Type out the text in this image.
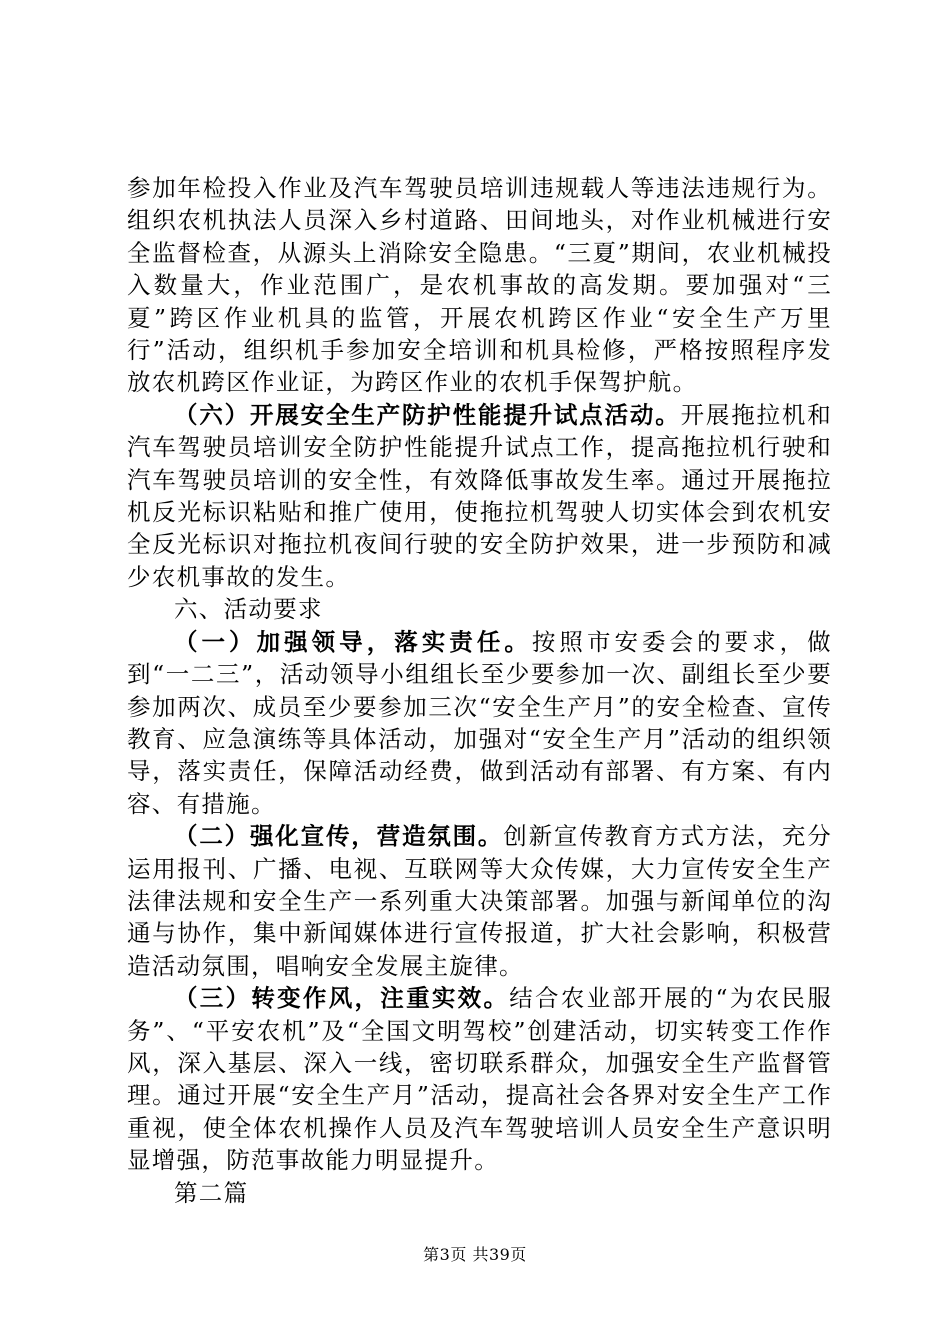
参加年检投入作业及汽车驾驶员培训违规载人等违法违规行为。组织农机执法人员深入乡村道路、田间地头，对作业机械进行安全监督检查，从源头上消除安全隐患。“三夏”期间，农业机械投入数量大，作业范围广，是农机事故的高发期。要加强对“三夏”跨区作业机具的监管，开展农机跨区作业“安全生产万里行”活动，组织机手参加安全培训和机具检修，严格按照程序发放农机跨区作业证，为跨区作业的农机手保驾护航。

（六）开展安全生产防护性能提升试点活动。开展拖拉机和汽车驾驶员培训安全防护性能提升试点工作，提高拖拉机行驶和汽车驾驶员培训的安全性，有效降低事故发生率。通过开展拖拉机反光标识粘贴和推广使用，使拖拉机驾驶人切实体会到农机安全反光标识对拖拉机夜间行驶的安全防护效果，进一步预防和减少农机事故的发生。

六、活动要求

（一）加强领导，落实责任。按照市安委会的要求，做到“一二三”，活动领导小组组长至少要参加一次、副组长至少要参加两次、成员至少要参加三次“安全生产月”的安全检查、宣传教育、应急演练等具体活动，加强对“安全生产月”活动的组织领导，落实责任，保障活动经费，做到活动有部署、有方案、有内容、有措施。

（二）强化宣传，营造氛围。创新宣传教育方式方法，充分运用报刊、广播、电视、互联网等大众传媒，大力宣传安全生产法律法规和安全生产一系列重大决策部署。加强与新闻单位的沟通与协作，集中新闻媒体进行宣传报道，扩大社会影响，积极营造活动氛围，唱响安全发展主旋律。

（三）转变作风，注重实效。结合农业部开展的“为农民服务”、“平安农机”及“全国文明驾校”创建活动，切实转变工作作风，深入基层、深入一线，密切联系群众，加强安全生产监督管理。通过开展“安全生产月”活动，提高社会各界对安全生产工作重视，使全体农机操作人员及汽车驾驶培训人员安全生产意识明显增强，防范事故能力明显提升。

第二篇

第3页 共39页
